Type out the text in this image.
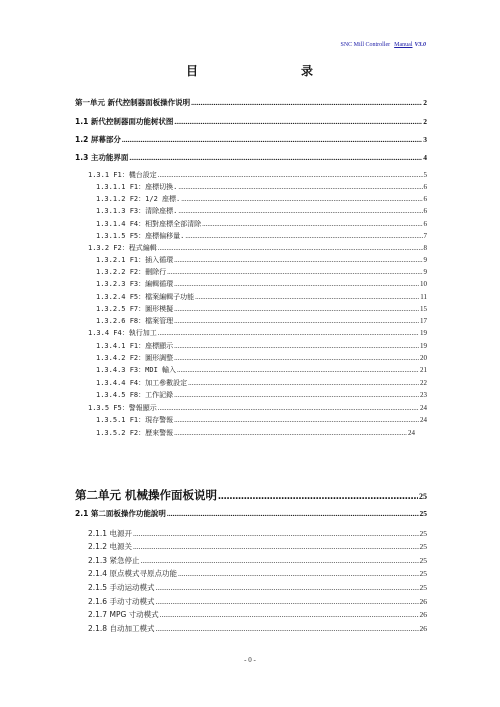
SNC Mill Controller Manual V3.0
目	录
第一单元 新代控制器面板操作说明 .....	2
1.1 新代控制器面功能树状图 .....	2
1.2 屏幕部分 .....	3
1.3 主功能界面 .....	4
1.3.1 F1：機台設定 .....	5
1.3.1.1 F1：座標切換. .....	6
1.3.1.2 F2：1/2 座標. .....	6
1.3.1.3 F3：清除座標. .....	6
1.3.1.4 F4：相對座標全部清除 .....	6
1.3.1.5 F5：座標偏移量. .....	7
1.3.2 F2：程式編輯 .....	8
1.3.2.1 F1：插入循環 .....	9
1.3.2.2 F2：刪除行 .....	9
1.3.2.3 F3：編輯循環 .....	10
1.3.2.4 F5：檔案編輯子功能 .....	11
1.3.2.5 F7：圖形模擬 .....	15
1.3.2.6 F8：檔案管理 .....	17
1.3.4 F4：執行加工 .....	19
1.3.4.1 F1：座標顯示 .....	19
1.3.4.2 F2：圖形調整 .....	20
1.3.4.3 F3：MDI 輸入 .....	21
1.3.4.4 F4：加工參數設定 .....	22
1.3.4.5 F8：工作記錄 .....	23
1.3.5 F5：警報顯示 .....	24
1.3.5.1 F1：現存警報 .....	24
1.3.5.2 F2：歷來警報 .....	24
第二单元 机械操作面板说明 .....	25
2.1 第二面板操作功能說明 .....	25
2.1.1 电源开 .....	25
2.1.2 电源关 .....	25
2.1.3 紧急停止 .....	25
2.1.4 原点模式寻原点功能 .....	25
2.1.5 手动运动模式 .....	25
2.1.6 手动寸动模式 .....	26
2.1.7 MPG 寸动模式 .....	26
2.1.8 自动加工模式 .....	26
- 0 -
